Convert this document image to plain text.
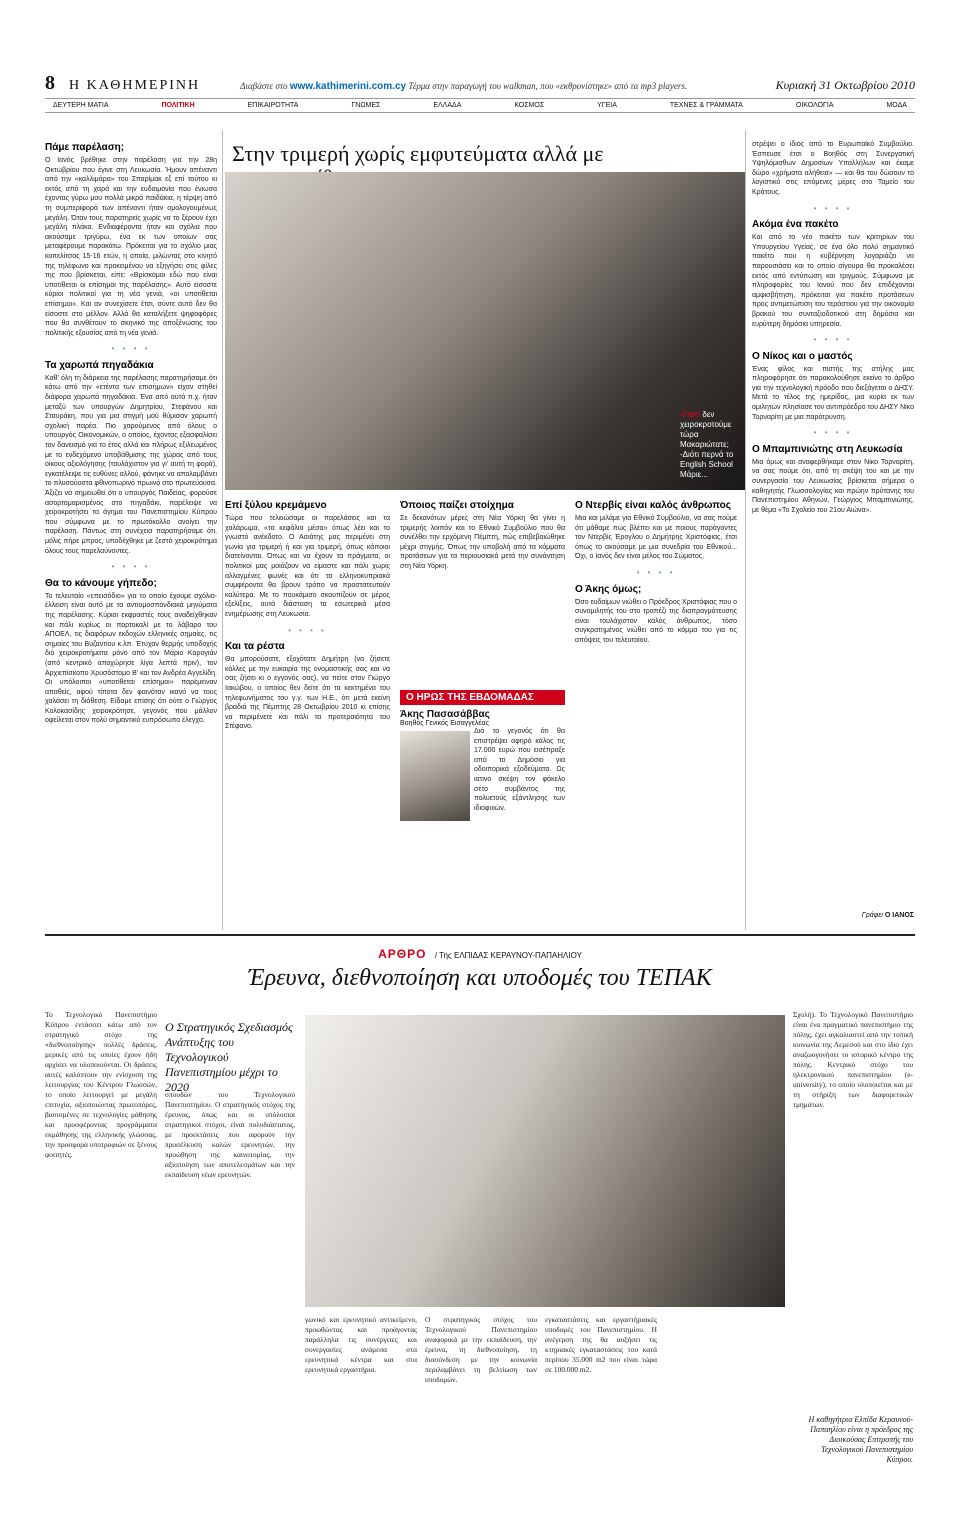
8 Η ΚΑΘΗΜΕΡΙΝΗ	Διαβάστε στο www.kathimerini.com.cy Τέρμα στην παραγωγή του walkman, που «εκθρονίστηκε» από τα mp3 players.	Κυριακή 31 Οκτωβρίου 2010
ΔΕΥΤΕΡΗ ΜΑΤΙΑ	ΠΟΛΙΤΙΚΗ	ΕΠΙΚΑΙΡΟΤΗΤΑ	ΓΝΩΜΕΣ	ΕΛΛΑΔΑ	ΚΟΣΜΟΣ	ΥΓΕΙΑ	ΤΕΧΝΕΣ & ΓΡΑΜΜΑΤΑ	ΟΙΚΟΛΟΓΙΑ	ΜΟΔΑ
Πάμε παρέλαση;

Ο Ιανός βρέθηκε στην παρέλαση για την 28η Οκτωβρίου που έγινε στη Λευκωσία. Ήμουν απέναντι από την «καλλιμάρα» του Σπαρίμακ εξ επί τούτου κι εκτός από τη χαρά και την ευδαιμονία που ένιωσα έχοντας γύρω μου πολλά μικρά παιδάκια, η τέρψη από τη συμπεριφορά των απέναντι ήταν ομολογουμένως μεγάλη. Όταν τους παρατηρείς χωρίς να το ξέρουν έχει μεγάλη πλάκα. Ενδιαφέροντα ήταν και σχόλια που ακούσαμε τριγύρω, ένα εκ των οποίων σας μεταφέρουμε παρακάτω. Πρόκειται για το σχόλιο μιας κοπελίτσας 15-16 ετών, η οποία, μιλώντας στο κινητό της τηλέφωνο και προκειμένου να εξηγήσει στις φίλες της που βρίσκεται, είπε: «Βρίσκομαι εδώ που είναι υποτίθεται οι επίσημοι της παρέλασης». Αυτό είσοστε κύριοι πολιτικοί για τη νέα γενιά, «οι υποτίθεται επίσημοι». Και αν συνεχίσετε έτσι, σύντε αυτό δεν θα είσοστε στο μέλλον. Αλλά θα καταλήξετε ψηφοφόρες που θα συνθέτουν το σκηνικό της αποξένωσης του πολιτικής εξουσίας από τη νέα γενιά.

• • • •
Τα χαρωπά πηγαδάκια

Καθ' όλη τη διάρκεια της παρέλασης παρατηρήσαμε ότι κάτω από την «ετέντα των επισήμων» είχαν στηθεί διάφορα χαρωπά πηγαδάκια. Ένα από αυτά π.χ. ήταν μεταξύ των υπουργών Δημητρίου, Στεφάνου και Σταυράκη, που για μια στιγμή μού θύμισαν χαρωπή σχολική παρέα. Πιο χαρούμενος από όλους ο υπουργός Οικονομικών, ο οποίος, έχοντας εξασφαλίσει τον δανεισμό για το έτος αλλά και πλήρως εξιλεωμένος με το ενδεχόμενο υποβάθμισης της χώρας από τους οίκους αξιολόγησης (τουλάχιστον για γι' αυτή τη φορά), εγκατέλειψε τις ευθύνες αλλού, φάνηκε να απολαμβάνει το πλυσούοστα φθινοπωρινό πρωινό στο πρωτεύουσα. Άξιζει να σημειωθεί ότι ο υπουργός Παιδείας, φορούσε ασορτομαρισμένος στο πηγαδάκι, παρέλειψε να χειροκροτήσει τα άγημα του Πανεπιστημίου Κύπρου που σύμφωνα με το πρωτόκολλο ανοίγει την παρέλαση. Πάντως στη συνέχεια παρατηρήσαμε ότι, μόλις πήρε μπρος, υποδέχθηκε με ζεστό χειροκρότημα όλους τους παρελαύνοντες.

• • • •
Θα το κάνουμε γήπεδο;

Το τελευταίο «επεισόδιο» για το οποίο έχουμε σχόλιο-έλλειση είναι αυτό με τα αντιομοσπονδιακά μηνύματα της παρέλασης. Κύριοι εκφραστές τους αναδείχθηκαν και πάλι κυρίως οι πορτοκαλί με το λάβαρο του ΑΠΟΕΛ, τις διαφόρων εκδοχών ελληνικές σημαίες, τις σημαίες του Βυζαντίου κ.λπ. Έτυχαν θερμής υποδοχής διό χειροκροτήματα μόνο από τον Μάριο Καρογιάν (από κεντρικό αποχώρησε λίγα λεπτά πριν), τον Αρχιεπίσκοπο Χρυσόστομο Β' και τον Ανδρέα Αγγελίδη. Οι υπόλοιποι «υποτίθεται επίσημοι» παρέμειναν απαθείς, αφού τίποτα δεν φαινόταν ικανό να τους χαλάσει τη διάθεση. Είδαμε επίσης ότι ούτε ο Γιώργος Κολοκασίδης χειροκρότησε, γεγονός που μάλλον οφείλεται στον πολύ σημαντικό ευπρόσωπο έλεγχο.

Στην τριμερή χωρίς εμφυτεύματα αλλά με
-Γιατί δεν χειροκροτούμε τώρα Μακαριώτατε; -Διότι περνά το English School Μάριε...
Επί ξύλου κρεμάμενο

Τώρα που τελειώσαμε οι παρελάσεις και τα χαλάρωμα, «τα κεφάλια μέσα» όπως λέει και το γνωστό ανέκδοτο. Ο Ασιάτης μας περιμένει στη γωνία για τριμερή ή και για τριμερή, όπως κάποιοι διατείνονται. Όπως και να έχουν τα πράγματα, οι πολιτικοί μας μοιάζουν να είμαστε και πάλι χωρίς αλλαγμένες φωνές και ότι τα ελληνοκυπριακά συμφέροντα θα βρουν τρόπο να προστατευτούν καλύτερα. Με το πουκάμισο σκουπίζουν σε μέρος εξελίξεις, αυτά διάσταση τα εσωτερικά μέσα ενημέρωσης στη Λευκωσία.

• • • •
Και τα ρέστα

Θα μπορούσατε, εξοχότατε Δημήτρη (να ζήσετε κόλλες με την ευκαιρία της ονομαστικής σας και να σας ζήσει κι ο εγγονός σας), να πείτε στον Γιώργο Ιακώβου, ο οποίος θεν δείτε ότι τα κεκτημένα του τηλεφωνήματος του γ.γ. των Η.Ε., ότι μετά εκείνη βραδιά της Πέμπτης 28 Οκτωβρίου 2010 κι επίσης να περιμένετε και πάλι τα προτεραιότητα του Στέφανο.

Όποιος παίζει στοίχημα

Σε δεκανότων μέρες στη Νέα Υόρκη θα γίνει η τριμερής λοιπόν και το Εθνικό Συμβούλιο που θα συνέλθει την ερχόμενη Πέμπτη, πώς επιβεβαιώθηκε μέχρι στιγμής. Όπως την υποβολή από τα κόμματα προτάσεων για τα περιουσιακά μετά την συνάντηση στη Νέα Υόρκη.

Ο ΗΡΩΣ ΤΗΣ ΕΒΔΟΜΑΔΑΣ
Άκης Πασασάββας
Βοηθός Γενικός Εισαγγελέας

Διά το γεγονός ότι θα επιστρέψει αφηρό κάλος τις 17.000 ευρώ που εισέπραξε από το Δημόσιο για οδοιπορικά εξοδεύματα. Ως ιατινο σκέψη τον φάκελο σέτο συμβάντος της πολυετούς εξάντλησης των ιδιοφυιών.

Ο Ντερβίς είναι καλός άνθρωπος

Μια και μιλάμε για Εθνικό Συμβούλιο, να σας πούμε ότι μάθαμε πως βλέπει και με ποιους παράγοντες τον Ντερβίς Έρογλου ο Δημήτρης Χριστόφιας, έτσι όπως το ακούσαμε με μια συνεδρία του Εθνικού... Όχι, ο Ιανός δεν είναι μέλος του Σώματος.

• • • •
Ο Άκης όμως;

Όσο ευδαίμων νιώθει ο Πρόεδρος Χριστόφιας που ο συνομιλητής του στο τραπέζι της διαπραγμάτευσης είναι τουλάχιστον καλός άνθρωπος, τόσο συγκρατημένος νιώθει από το κόμμα του για τις απόψεις του τελευταίου.

στρέψει ο ίδιος από το Ευρωπαϊκό Συμβούλιο. Έσπευσε έτσι ο Βοηθός στη Συνεργατική Υψηλόμισθων Δημοσίων Υπαλλήλων και έκαμε δώρο «χρήματα αλήθεια» — και θα του δώσουν το λογιστικό στις επόμενες μέρες στο Ταμείο του Κράτους.

• • • •
Ακόμα ένα πακέτο

Και από το νέο πακέτο των κριτηρίων του Υπουργείου Υγείας, σε ένα όλο πολύ σημαντικό πακέτο που η κυβέρνηση λογαριάζει να παρουσιάσει και το οποίο σίγουρα θα προκαλέσει εκτός από εντύπωση και τριγμούς. Σύμφωνα με πληροφορίες του Ιανού που δεν επιδέχονται αμφισβήτηση, πρόκειται για πακέτο προτάσεων προς αντιμετώπιση του τεράστιου για την οικονομία βρακού του συνταξιοδοτικού στη δημόσια και ευρύτερη δημόσια υπηρεσία.

• • • •
Ο Νίκος και ο μαστός

Ένας φίλος και πιστής της στήλης μας πληροφόρησε ότι παρακολούθησε εκείνο το άρθρο για την τεχνολογική πρόοδο που διεξάγεται ο ΔΗΣΥ. Μετά το τέλος της ημερίδας, μια κυρία εκ των ομιλητών πλησίασε τον αντιπρόεδρο του ΔΗΣΥ Νίκο Τορναρίτη με μια παρότρυνση.

• • • •
Ο Μπαμπινιώτης στη Λευκωσία

Μια όμως και αναφερθήκαμε στον Νίκο Τορναρίτη, να σας πούμε ότι, από τη σκέψη του και με την συνεργασία του Λευκωσίας βρίσκεται σήμερα ο καθηγητής Γλωσσολογίας και πρώην πρύτανης του Πανεπιστημίου Αθηνών, Γεώργιος Μπαμπινιώτης, με θέμα «Το Σχολείο του 21ου Αιώνα».

Γράφει Ο ΙΑΝΟΣ
ΑΡΘΡΟ / Της ΕΛΠΙΔΑΣ ΚΕΡΑΥΝΟΥ-ΠΑΠΑΗΛΙΟΥ
Έρευνα, διεθνοποίηση και υποδομές του ΤΕΠΑΚ

Το Τεχνολογικό Πανεπιστήμιο Κύπρου εντάσσει κάτω από τον στρατηγικό στόχο της «διεθνοποίησης» πολλές δράσεις, μερικές από τις οποίες έχουν ήδη αρχίσει να υλοποιούνται. Οι δράσεις αυτές καλύπτουν την ενίσχυση της λειτουργίας του Κέντρου Γλωσσών, το οποίο λειτουργεί με μεγάλη επιτυχία, αξιοποιώντας πρωτοπόρες, βασισμένες σε τεχνολογίες μάθησης και προσφέροντας προγράμματα εκμάθησης της ελληνικής γλώσσας, την προσφορά υποτροφιών σε ξένους φοιτητές.

Ο Στρατηγικός Σχεδιασμός Ανάπτυξης του Τεχνολογικού Πανεπιστημίου μέχρι το 2020

σπουδών του Τεχνολογικού Πανεπιστημίου. Ο στρατηγικός στόχος της έρευνας, όπως και οι υπόλοιποι στρατηγικοί στόχοι, είναι πολυδιάστατος, με προεκτάσεις που αφορούν την προσέλκυση καλών ερευνητών, την προώθηση της καινοτομίας, την αξιοποίηση των αποτελεσμάτων και την εκπαίδευση νέων ερευνητών.

γωνικό και ερευνητικό αντικείμενο, προωθώντας και προάγοντας παράλληλα τις συνέργειες και συνεργασίες ανάμεσα στα ερευνητικά κέντρα και στα ερευνητικά εργαστήρια.

Ο στρατηγικός στόχος του Τεχνολογικού Πανεπιστημίου αναφορικά με την εκπαίδευση, την έρευνα, τη διεθνοποίηση, τη διασύνδεση με την κοινωνία περιλαμβάνει τη βελτίωση των υποδομών.

εγκαταστάσεις και εργαστήριακές υποδομές του Πανεπιστημίου. Η ανέγερση της θα αυξήσει τις κτηριακές εγκαταστάσεις του κατά περίπου 35.000 m2 που είναι τώρα σε 100.000 m2.

Σχολή). Το Τεχνολογικό Πανεπιστήμιο είναι ένα πραγματικό πανεπιστήμιο της πόλης, έχει αγκαλιαστεί από την τοπική κοινωνία της Λεμεσού και στο ίδιο έχει αναζωογονήσει το ιστορικό κέντρο της πόλης. Κεντρικό στόχο του ηλεκτρονικού πανεπιστημίου (e-university), το οποίο υλοποιείται και με τη στήριξη των διαφορετικών τμημάτων.

Η καθηγήτρια Ελπίδα Κεραυνού-Παπαηλίου είναι η πρόεδρος της Διοικούσας Επιτροπής του Τεχνολογικού Πανεπιστημίου Κύπρου.
